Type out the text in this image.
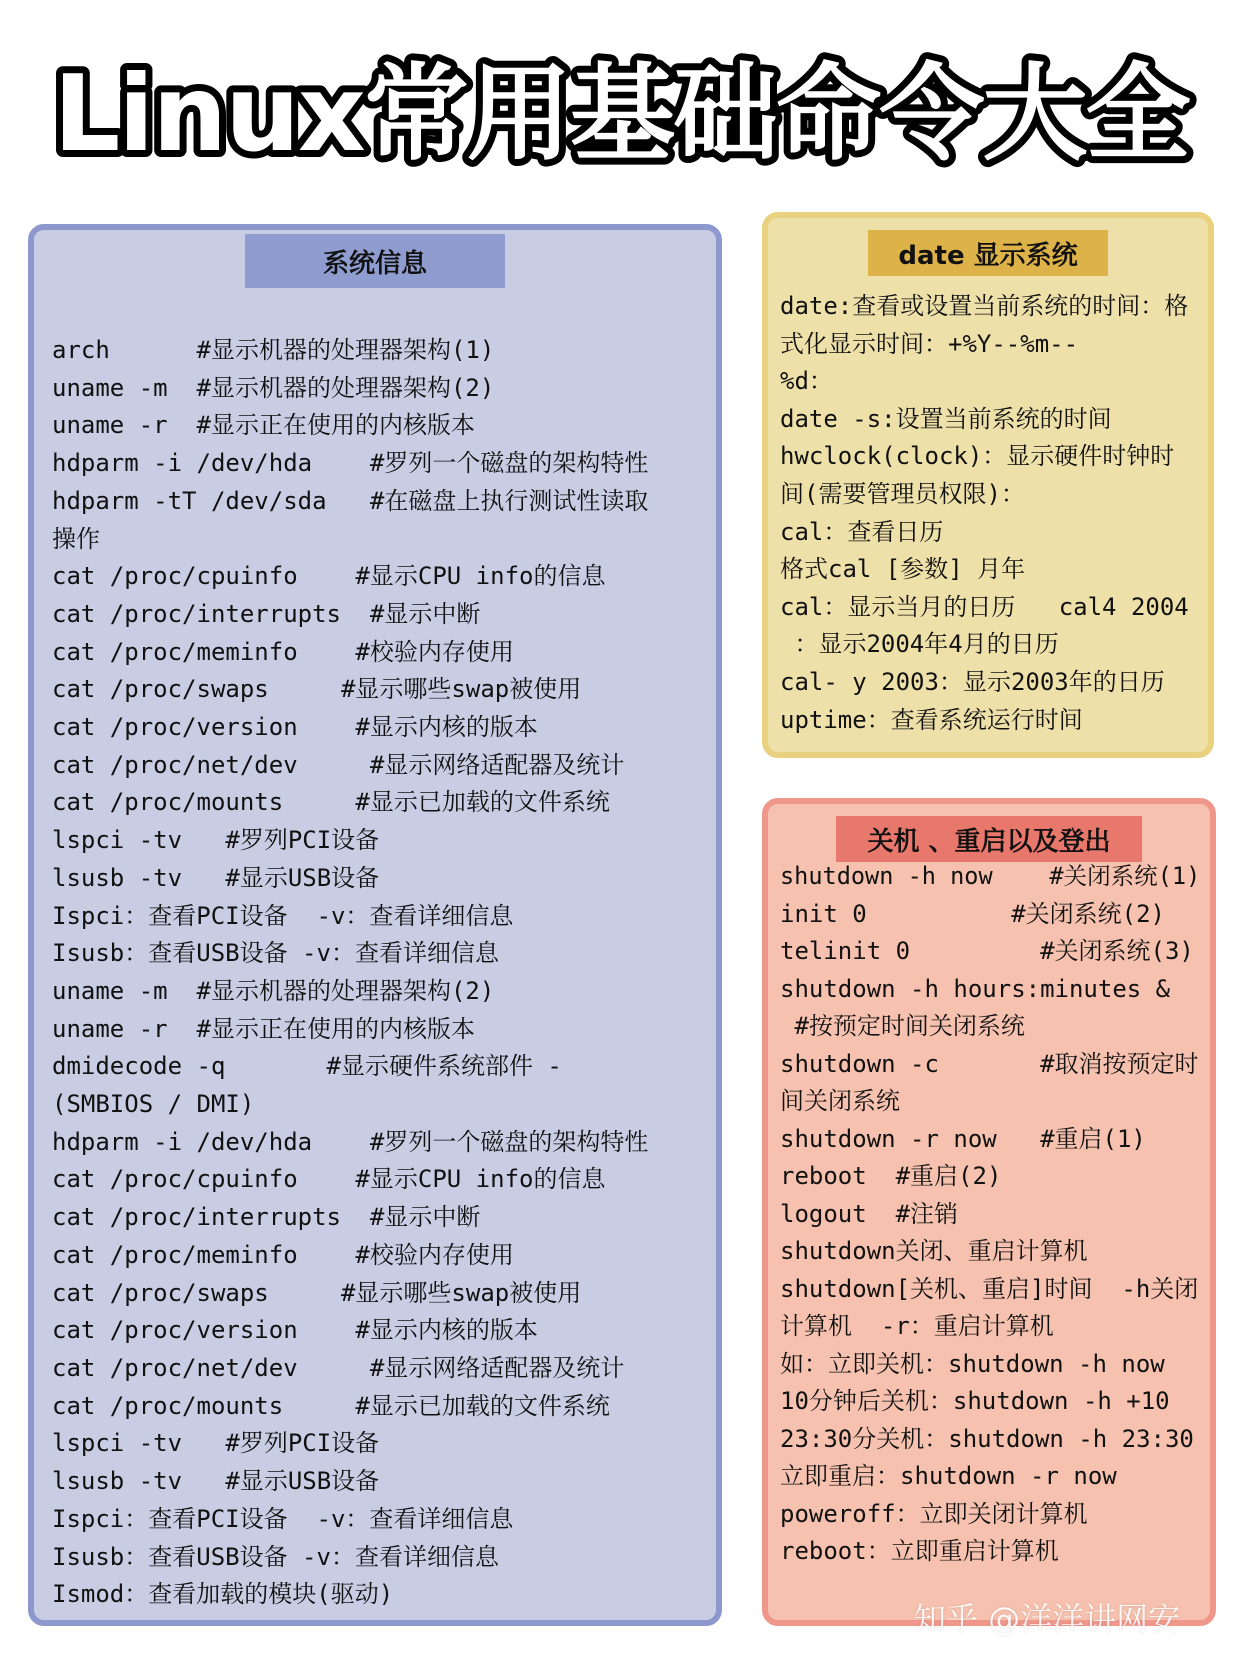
Linux常用基础命令大全
系统信息
arch      #显示机器的处理器架构(1)
uname -m  #显示机器的处理器架构(2)
uname -r  #显示正在使用的内核版本
hdparm -i /dev/hda    #罗列一个磁盘的架构特性
hdparm -tT /dev/sda   #在磁盘上执行测试性读取
操作
cat /proc/cpuinfo    #显示CPU info的信息
cat /proc/interrupts  #显示中断
cat /proc/meminfo    #校验内存使用
cat /proc/swaps     #显示哪些swap被使用
cat /proc/version    #显示内核的版本
cat /proc/net/dev     #显示网络适配器及统计
cat /proc/mounts     #显示已加载的文件系统
lspci -tv   #罗列PCI设备
lsusb -tv   #显示USB设备
Ispci：查看PCI设备  -v：查看详细信息
Isusb：查看USB设备 -v：查看详细信息
uname -m  #显示机器的处理器架构(2)
uname -r  #显示正在使用的内核版本
dmidecode -q       #显示硬件系统部件 -
(SMBIOS / DMI)
hdparm -i /dev/hda    #罗列一个磁盘的架构特性
cat /proc/cpuinfo    #显示CPU info的信息
cat /proc/interrupts  #显示中断
cat /proc/meminfo    #校验内存使用
cat /proc/swaps     #显示哪些swap被使用
cat /proc/version    #显示内核的版本
cat /proc/net/dev     #显示网络适配器及统计
cat /proc/mounts     #显示已加载的文件系统
lspci -tv   #罗列PCI设备
lsusb -tv   #显示USB设备
Ispci：查看PCI设备  -v：查看详细信息
Isusb：查看USB设备 -v：查看详细信息
Ismod：查看加载的模块(驱动)
date 显示系统
date:查看或设置当前系统的时间：格
式化显示时间：+%Y--%m--
%d：
date -s:设置当前系统的时间
hwclock(clock)：显示硬件时钟时
间(需要管理员权限)：
cal：查看日历
格式cal [参数] 月年
cal：显示当月的日历   cal4 2004
：显示2004年4月的日历
cal- y 2003：显示2003年的日历
uptime：查看系统运行时间
关机 、重启以及登出
shutdown -h now    #关闭系统(1)
init 0          #关闭系统(2)
telinit 0         #关闭系统(3)
shutdown -h hours:minutes &
#按预定时间关闭系统
shutdown -c       #取消按预定时
间关闭系统
shutdown -r now   #重启(1)
reboot  #重启(2)
logout  #注销
shutdown关闭、重启计算机
shutdown[关机、重启]时间  -h关闭
计算机  -r：重启计算机
如：立即关机：shutdown -h now
10分钟后关机：shutdown -h +10
23:30分关机：shutdown -h 23:30
立即重启：shutdown -r now
poweroff：立即关闭计算机
reboot：立即重启计算机
知乎 @洋洋讲网安
